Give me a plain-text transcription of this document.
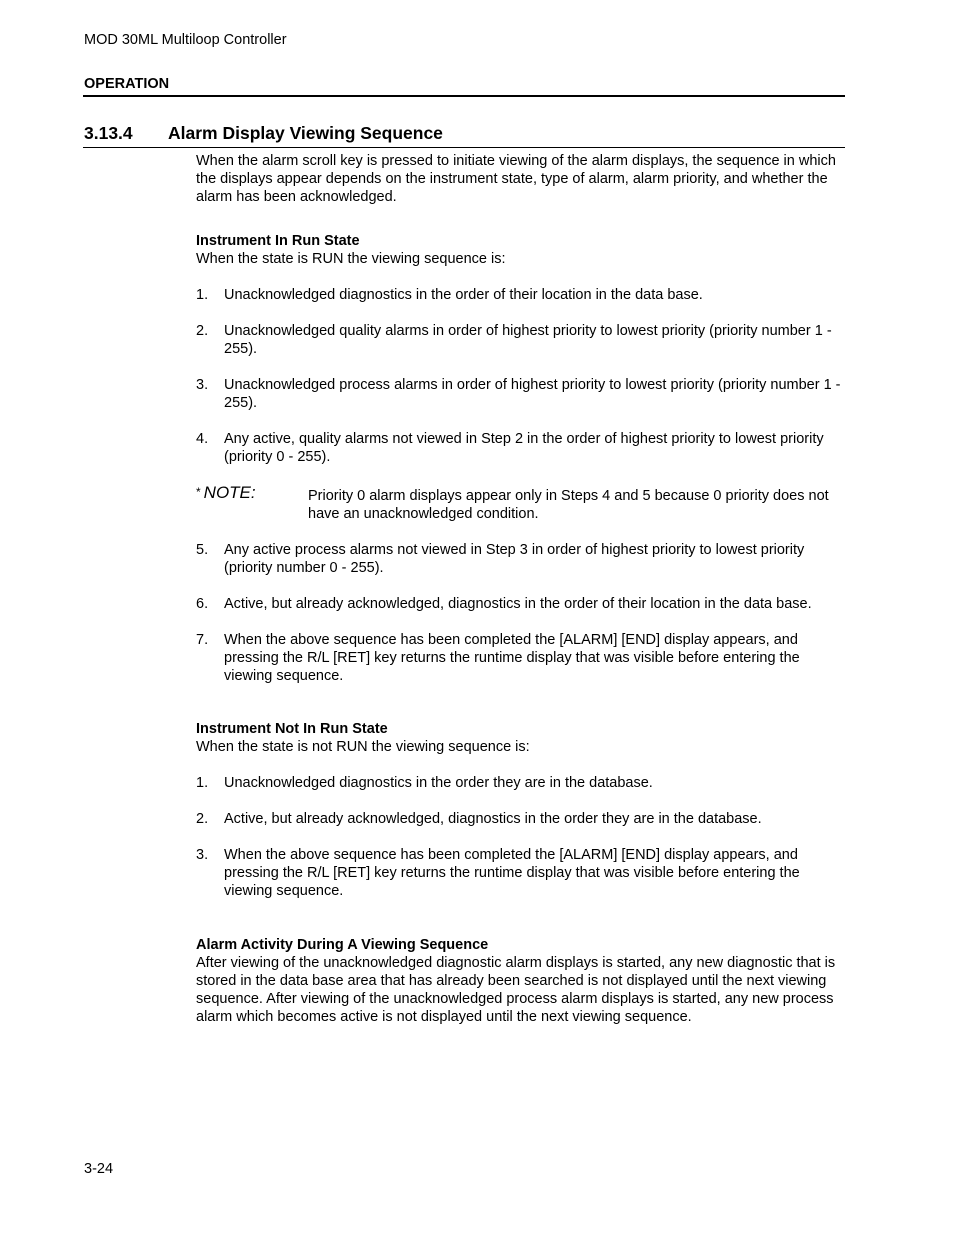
MOD 30ML Multiloop Controller
OPERATION
3.13.4 Alarm Display Viewing Sequence

When the alarm scroll key is pressed to initiate viewing of the alarm displays, the sequence in which the displays appear depends on the instrument state, type of alarm, alarm priority, and whether the alarm has been acknowledged.

Instrument In Run State

When the state is RUN the viewing sequence is:

1. Unacknowledged diagnostics in the order of their location in the data base.
2. Unacknowledged quality alarms in order of highest priority to lowest priority (priority number 1 - 255).
3. Unacknowledged process alarms in order of highest priority to lowest priority (priority number 1 - 255).
4. Any active, quality alarms not viewed in Step 2 in the order of highest priority to lowest priority (priority 0 - 255).
* NOTE:	Priority 0 alarm displays appear only in Steps 4 and 5 because 0 priority does not have an unacknowledged condition.
5. Any active process alarms not viewed in Step 3 in order of highest priority to lowest priority (priority number 0 - 255).
6. Active, but already acknowledged, diagnostics in the order of their location in the data base.
7. When the above sequence has been completed the [ALARM] [END] display appears, and pressing the R/L [RET] key returns the runtime display that was visible before entering the viewing sequence.
Instrument Not In Run State

When the state is not RUN the viewing sequence is:

1. Unacknowledged diagnostics in the order they are in the database.
2. Active, but already acknowledged, diagnostics in the order they are in the database.
3. When the above sequence has been completed the [ALARM] [END] display appears, and pressing the R/L [RET] key returns the runtime display that was visible before entering the viewing sequence.
Alarm Activity During A Viewing Sequence

After viewing of the unacknowledged diagnostic alarm displays is started, any new diagnostic that is stored in the data base area that has already been searched is not displayed until the next viewing sequence. After viewing of the unacknowledged process alarm displays is started, any new process alarm which becomes active is not displayed until the next viewing sequence.

3-24
